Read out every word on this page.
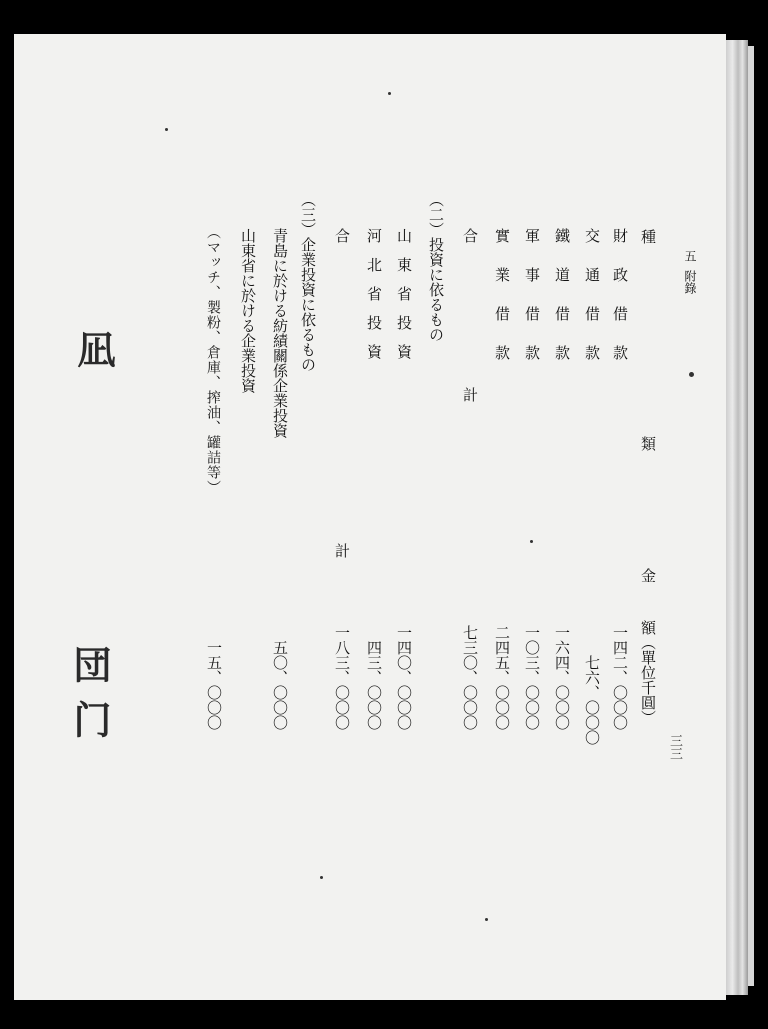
五
附錄
三三
種　　類
金
額（單位千圓）
財政借款
一四二、〇〇〇
交通借款
七六、〇〇〇
鐵道借款
一六四、〇〇〇
軍事借款
一〇三、〇〇〇
實業借款
二四五、〇〇〇
合　　計
七三〇、〇〇〇
（二）投資に依るもの
山東省投資
一四〇、〇〇〇
河北省投資
四三、〇〇〇
合　　計
一八三、〇〇〇
（三）企業投資に依るもの
青島に於ける紡績關係企業投資
五〇、〇〇〇
山東省に於ける企業投資
（マッチ、製粉、倉庫、搾油、罐詰等）
一五、〇〇〇
凪
団
门
